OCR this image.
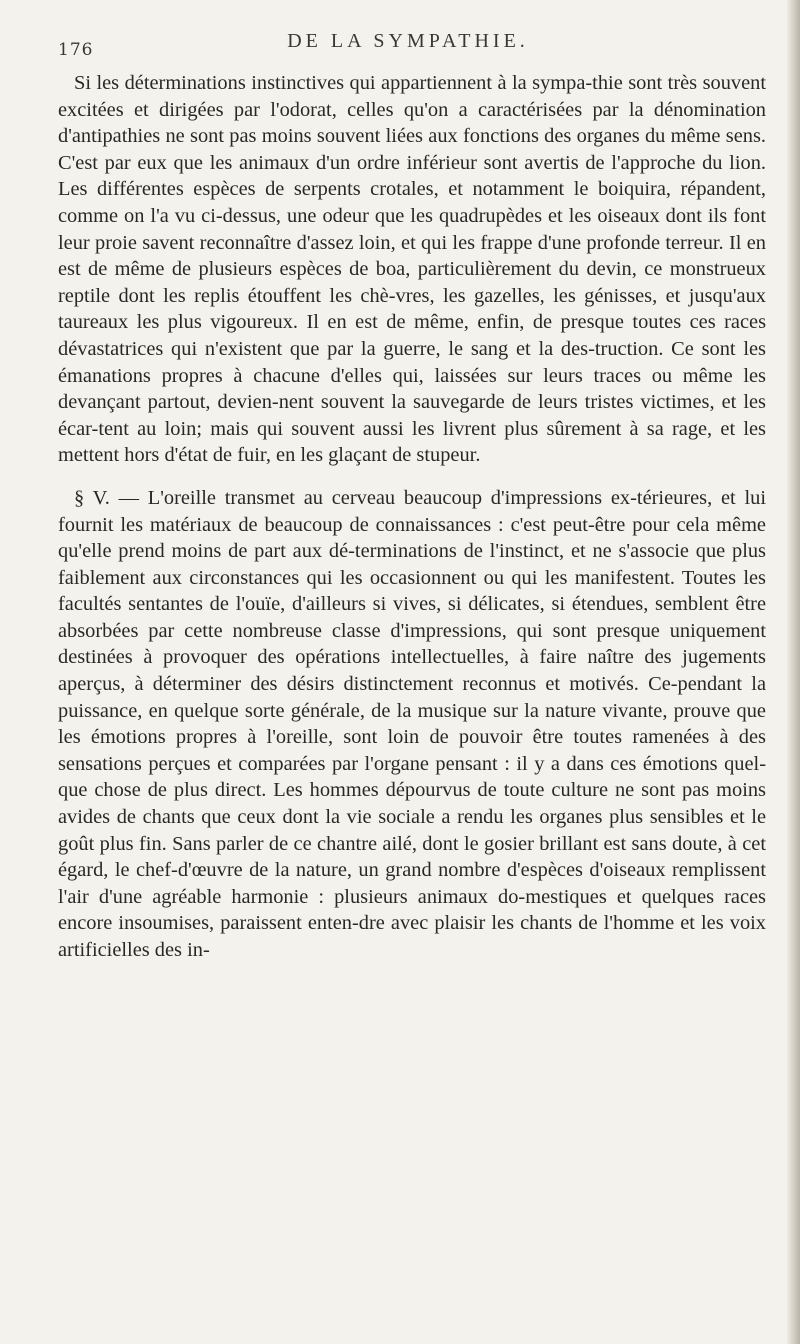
176	DE LA SYMPATHIE.

Si les déterminations instinctives qui appartiennent à la sympa-thie sont très souvent excitées et dirigées par l'odorat, celles qu'on a caractérisées par la dénomination d'antipathies ne sont pas moins souvent liées aux fonctions des organes du même sens. C'est par eux que les animaux d'un ordre inférieur sont avertis de l'approche du lion. Les différentes espèces de serpents crotales, et notamment le boiquira, répandent, comme on l'a vu ci-dessus, une odeur que les quadrupèdes et les oiseaux dont ils font leur proie savent reconnaître d'assez loin, et qui les frappe d'une profonde terreur. Il en est de même de plusieurs espèces de boa, particulièrement du devin, ce monstrueux reptile dont les replis étouffent les chè-vres, les gazelles, les génisses, et jusqu'aux taureaux les plus vigoureux. Il en est de même, enfin, de presque toutes ces races dévastatrices qui n'existent que par la guerre, le sang et la des-truction. Ce sont les émanations propres à chacune d'elles qui, laissées sur leurs traces ou même les devançant partout, devien-nent souvent la sauvegarde de leurs tristes victimes, et les écar-tent au loin; mais qui souvent aussi les livrent plus sûrement à sa rage, et les mettent hors d'état de fuir, en les glaçant de stupeur.

§ V. — L'oreille transmet au cerveau beaucoup d'impressions ex-térieures, et lui fournit les matériaux de beaucoup de connaissances : c'est peut-être pour cela même qu'elle prend moins de part aux dé-terminations de l'instinct, et ne s'associe que plus faiblement aux circonstances qui les occasionnent ou qui les manifestent. Toutes les facultés sentantes de l'ouïe, d'ailleurs si vives, si délicates, si étendues, semblent être absorbées par cette nombreuse classe d'impressions, qui sont presque uniquement destinées à provoquer des opérations intellectuelles, à faire naître des jugements aperçus, à déterminer des désirs distinctement reconnus et motivés. Ce-pendant la puissance, en quelque sorte générale, de la musique sur la nature vivante, prouve que les émotions propres à l'oreille, sont loin de pouvoir être toutes ramenées à des sensations perçues et comparées par l'organe pensant : il y a dans ces émotions quel-que chose de plus direct. Les hommes dépourvus de toute culture ne sont pas moins avides de chants que ceux dont la vie sociale a rendu les organes plus sensibles et le goût plus fin. Sans parler de ce chantre ailé, dont le gosier brillant est sans doute, à cet égard, le chef-d'œuvre de la nature, un grand nombre d'espèces d'oiseaux remplissent l'air d'une agréable harmonie : plusieurs animaux do-mestiques et quelques races encore insoumises, paraissent enten-dre avec plaisir les chants de l'homme et les voix artificielles des in-
